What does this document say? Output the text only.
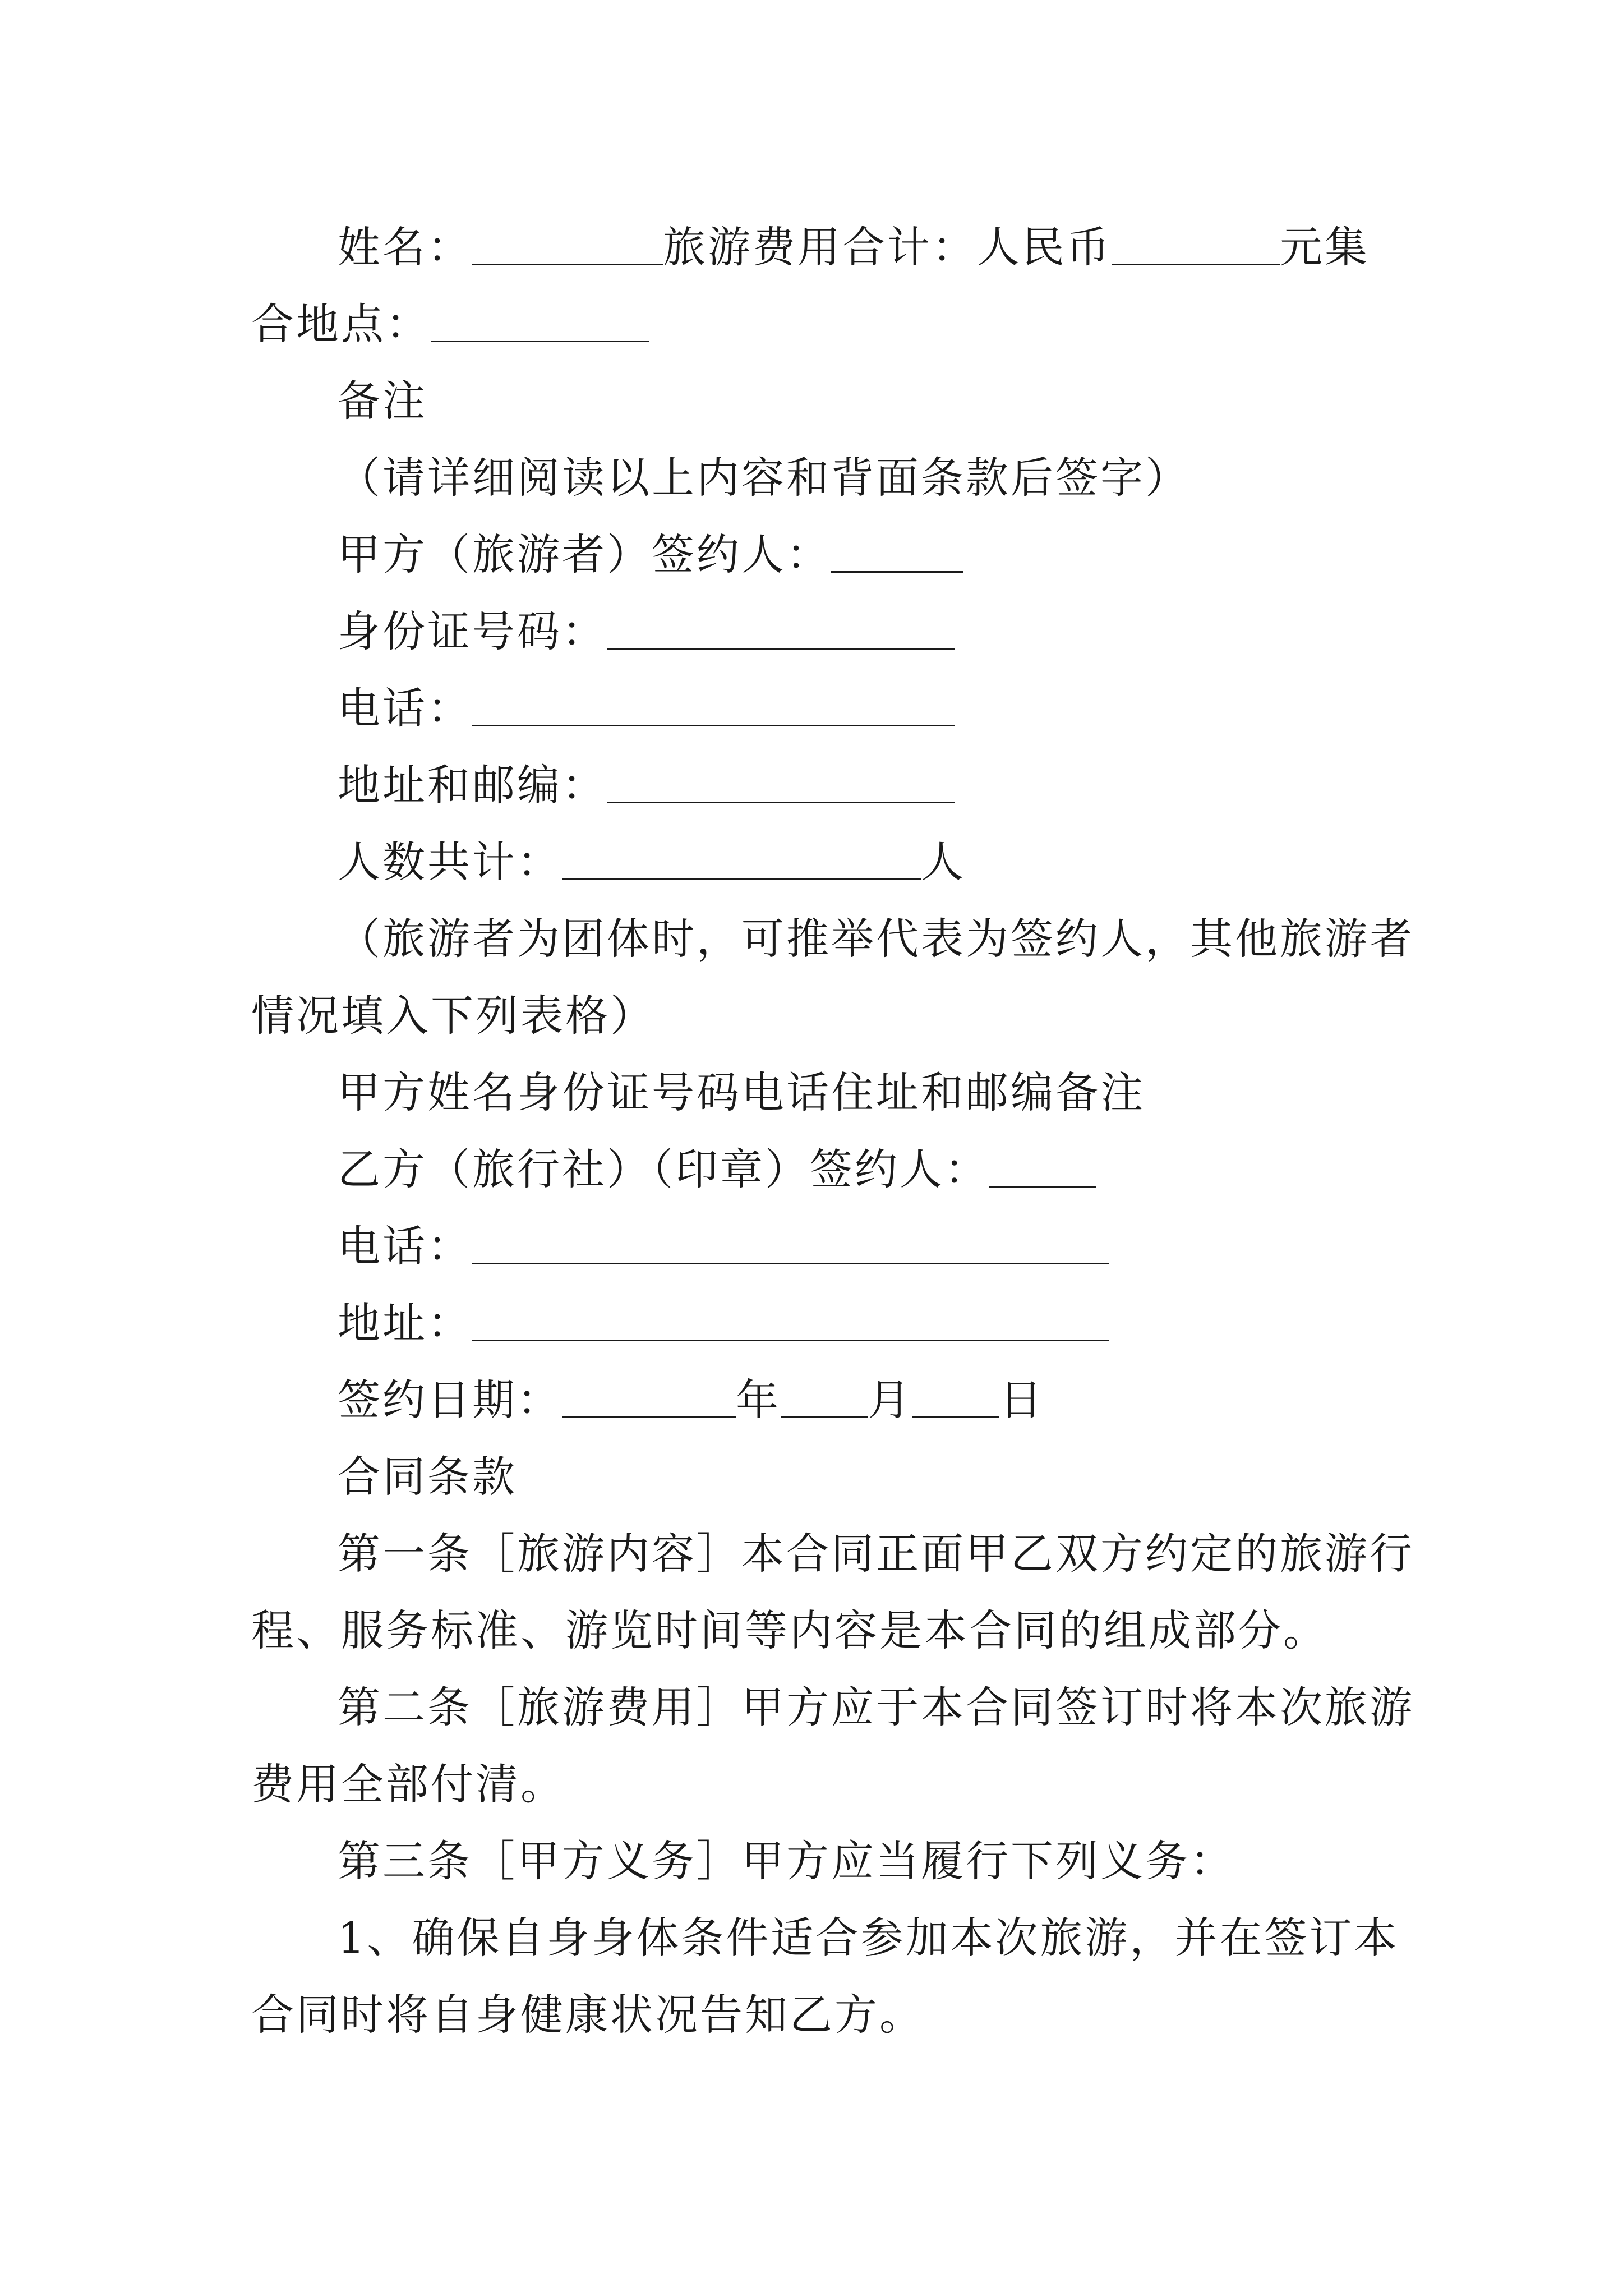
姓名：	旅游费用合计：人民币	元集
合地点：
备注
（请详细阅读以上内容和背面条款后签字）
甲方（旅游者）签约人：
身份证号码：
电话：
地址和邮编：
人数共计：	人
（旅游者为团体时，可推举代表为签约人，其他旅游者
情况填入下列表格）
甲方姓名身份证号码电话住址和邮编备注
乙方（旅行社）（印章）签约人：
电话：
地址：
签约日期：	年 月 日
合同条款
第一条［旅游内容］本合同正面甲乙双方约定的旅游行
程、服务标准、游览时间等内容是本合同的组成部分。
第二条［旅游费用］甲方应于本合同签订时将本次旅游
费用全部付清。
第三条［甲方义务］甲方应当履行下列义务：
1、确保自身身体条件适合参加本次旅游，并在签订本
合同时将自身健康状况告知乙方。
